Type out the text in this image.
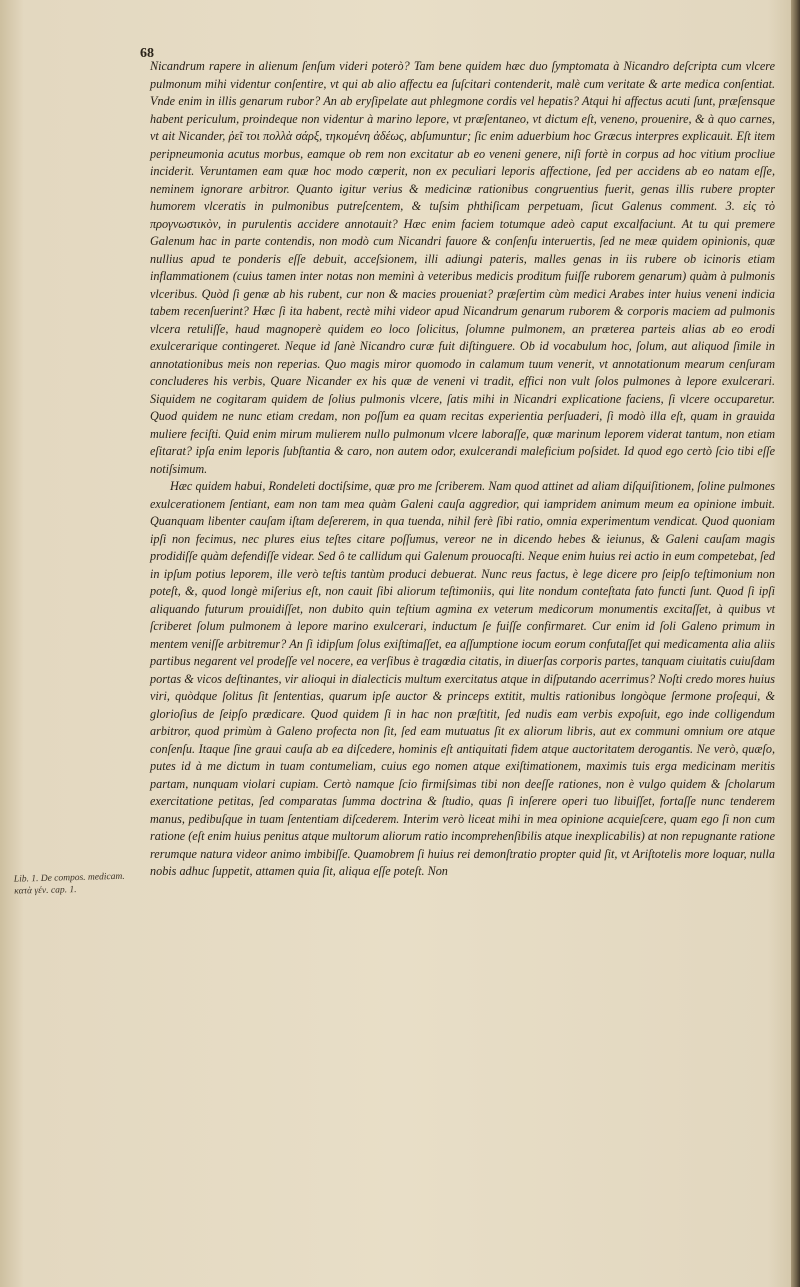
68
Lib. 1. De compos. medicam. κατὰ γέν. cap. 1.

Nicandrum rapere in alienum ſenſum videri poterò? Tam bene quidem hæc duo ſymptomata à Nicandro deſcripta cum vlcere pulmonum mihi videntur conſentire, vt qui ab alio affectu ea ſuſcitari contenderit, malè cum veritate & arte medica conſentiat. Vnde enim in illis genarum rubor? An ab eryſipelate aut phlegmone cordis vel hepatis? Atqui hi affectus acuti ſunt, præſensque habent periculum, proindeque non videntur à marino lepore, vt præſentaneo, vt dictum eſt, veneno, prouenire, & à quo carnes, vt ait Nicander, ῥεῖ τοι πολλὰ σάρξ, τηκομένη ἀδέως, abſumuntur; ſic enim aduerbium hoc Græcus interpres explicauit. Eſt item peripneumonia acutus morbus, eamque ob rem non excitatur ab eo veneni genere, niſi fortè in corpus ad hoc vitium procliue inciderit. Veruntamen eam quæ hoc modo cœperit, non ex peculiari leporis affectione, ſed per accidens ab eo natam eſſe, neminem ignorare arbitror. Quanto igitur verius & medicinæ rationibus congruentius fuerit, genas illis rubere propter humorem vlceratis in pulmonibus putreſcentem, & tuſsim phthiſicam perpetuam, ſicut Galenus comment. 3. εἰς τὸ προγνωστικὸν, in purulentis accidere annotauit? Hæc enim faciem totumque adeò caput excalfaciunt. At tu qui premere Galenum hac in parte contendis, non modò cum Nicandri fauore & conſenſu interuertis, ſed ne meæ quidem opinionis, quæ nullius apud te ponderis eſſe debuit, acceſsionem, illi adiungi pateris, malles genas in iis rubere ob icinoris etiam inflammationem (cuius tamen inter notas non meminì à veteribus medicis proditum fuiſſe ruborem genarum) quàm à pulmonis vlceribus. Quòd ſi genæ ab his rubent, cur non & macies proueniat? præſertim cùm medici Arabes inter huius veneni indicia tabem recenſuerint? Hæc ſi ita habent, rectè mihi videor apud Nicandrum genarum ruborem & corporis maciem ad pulmonis vlcera retuliſſe, haud magnoperè quidem eo loco ſolicitus, ſolumne pulmonem, an præterea parteis alias ab eo erodi exulcerarique contingeret. Neque id ſanè Nicandro curæ fuit diſtinguere. Ob id vocabulum hoc, ſolum, aut aliquod ſimile in annotationibus meis non reperias. Quo magis miror quomodo in calamum tuum venerit, vt annotationum mearum cenſuram concluderes his verbis, Quare Nicander ex his quæ de veneni vi tradit, effici non vult ſolos pulmones à lepore exulcerari. Siquidem ne cogitaram quidem de ſolius pulmonis vlcere, ſatis mihi in Nicandri explicatione faciens, ſi vlcere occuparetur. Quod quidem ne nunc etiam credam, non poſſum ea quam recitas experientia perſuaderi, ſi modò illa eſt, quam in grauida muliere feciſti. Quid enim mirum mulierem nullo pulmonum vlcere laboraſſe, quæ marinum leporem viderat tantum, non etiam eſitarat? ipſa enim leporis ſubſtantia & caro, non autem odor, exulcerandi maleficium poſsidet. Id quod ego certò ſcio tibi eſſe notiſsimum.

Hæc quidem habui, Rondeleti doctiſsime, quæ pro me ſcriberem. Nam quod attinet ad aliam diſquiſitionem, ſoline pulmones exulcerationem ſentiant, eam non tam mea quàm Galeni cauſa aggredior, qui iampridem animum meum ea opinione imbuit. Quanquam libenter cauſam iſtam deſererem, in qua tuenda, nihil ferè ſibi ratio, omnia experimentum vendicat. Quod quoniam ipſi non fecimus, nec plures eius teſtes citare poſſumus, vereor ne in dicendo hebes & ieiunus, & Galeni cauſam magis prodidiſſe quàm defendiſſe videar. Sed ô te callidum qui Galenum prouocaſti. Neque enim huius rei actio in eum competebat, ſed in ipſum potius leporem, ille verò teſtis tantùm produci debuerat. Nunc reus factus, è lege dicere pro ſeipſo teſtimonium non poteſt, &, quod longè miſerius eſt, non cauit ſibi aliorum teſtimoniis, qui lite nondum conteſtata fato functi ſunt. Quod ſi ipſi aliquando futurum prouidiſſet, non dubito quin teſtium agmina ex veterum medicorum monumentis excitaſſet, à quibus vt ſcriberet ſolum pulmonem à lepore marino exulcerari, inductum ſe fuiſſe confirmaret. Cur enim id ſoli Galeno primum in mentem veniſſe arbitremur? An ſi idipſum ſolus exiſtimaſſet, ea aſſumptione iocum eorum confutaſſet qui medicamenta alia aliis partibus negarent vel prodeſſe vel nocere, ea verſibus è tragœdia citatis, in diuerſas corporis partes, tanquam ciuitatis cuiuſdam portas & vicos deſtinantes, vir alioqui in dialecticis multum exercitatus atque in diſputando acerrimus? Noſti credo mores huius viri, quòdque ſolitus ſit ſententias, quarum ipſe auctor & princeps extitit, multis rationibus longòque ſermone proſequi, & glorioſius de ſeipſo prædicare. Quod quidem ſi in hac non præſtitit, ſed nudis eam verbis expoſuit, ego inde colligendum arbitror, quod primùm à Galeno profecta non ſit, ſed eam mutuatus ſit ex aliorum libris, aut ex communi omnium ore atque conſenſu. Itaque ſine graui cauſa ab ea diſcedere, hominis eſt antiquitati fidem atque auctoritatem derogantis. Ne verò, quæſo, putes id à me dictum in tuam contumeliam, cuius ego nomen atque exiſtimationem, maximis tuis erga medicinam meritis partam, nunquam violari cupiam. Certò namque ſcio firmiſsimas tibi non deeſſe rationes, non è vulgo quidem & ſcholarum exercitatione petitas, ſed comparatas ſumma doctrina & ſtudio, quas ſi inſerere operi tuo libuiſſet, fortaſſe nunc tenderem manus, pedibuſque in tuam ſententiam diſcederem. Interim verò liceat mihi in mea opinione acquieſcere, quam ego ſi non cum ratione (eſt enim huius penitus atque multorum aliorum ratio incomprehenſibilis atque inexplicabilis) at non repugnante ratione rerumque natura videor animo imbibiſſe. Quamobrem ſi huius rei demonſtratio propter quid ſit, vt Ariſtotelis more loquar, nulla nobis adhuc ſuppetit, attamen quia ſit, aliqua eſſe poteſt. Non
